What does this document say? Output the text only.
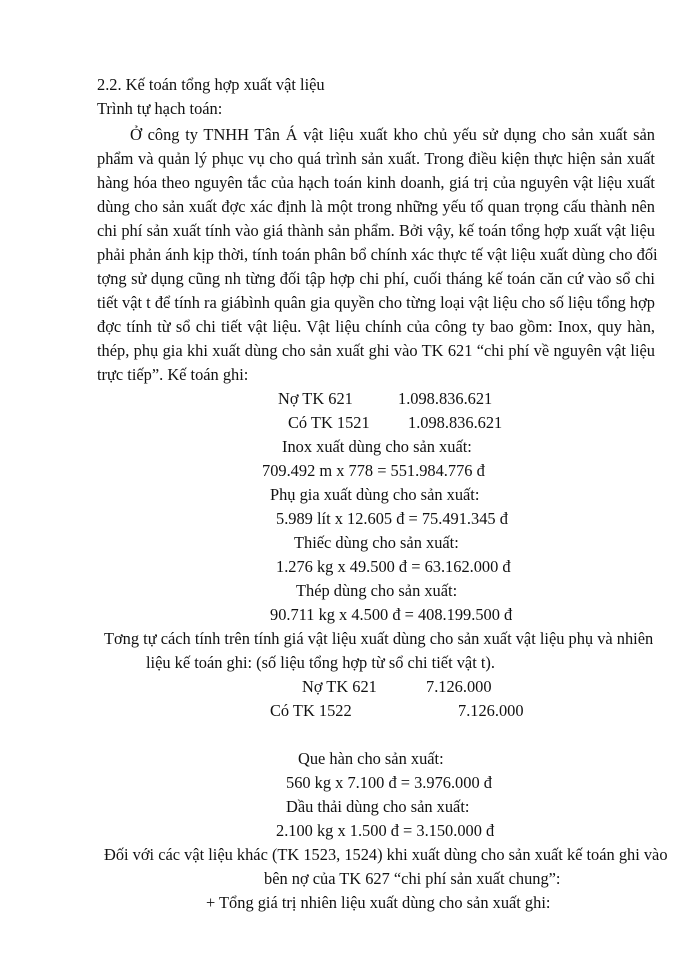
2.2. Kế toán tổng hợp xuất vật liệu
Trình tự hạch toán:
Ở công ty TNHH Tân Á vật liệu xuất kho chủ yếu sử dụng cho sản xuất sản
phẩm và quản lý phục vụ cho quá trình sản xuất. Trong điều kiện thực hiện sản xuất
hàng hóa theo nguyên tắc của hạch toán kinh doanh, giá trị của nguyên vật liệu xuất
dùng cho sản xuất đợc xác định là một trong những yếu tố quan trọng cấu thành nên
chi phí sản xuất tính vào giá thành sản phẩm. Bởi vậy, kế toán tổng hợp xuất vật liệu
phải phản ánh kịp thời, tính toán phân bổ chính xác thực tế vật liệu xuất dùng cho đối
tợng sử dụng cũng nh từng đối tập hợp chi phí, cuối tháng kế toán căn cứ vào sổ chi
tiết vật t để tính ra giábình quân gia quyền cho từng loại vật liệu cho số liệu tổng hợp
đợc tính từ sổ chi tiết vật liệu. Vật liệu chính của công ty bao gồm: Inox, quy hàn,
thép, phụ gia khi xuất dùng cho sản xuất ghi vào TK 621 “chi phí về nguyên vật liệu
trực tiếp”. Kế toán ghi:
Nợ TK 621	1.098.836.621
Có TK 1521 1.098.836.621
Inox xuất dùng cho sản xuất:
709.492 m x 778 = 551.984.776 đ
Phụ gia xuất dùng cho sản xuất:
5.989 lít x 12.605 đ = 75.491.345 đ
Thiếc dùng cho sản xuất:
1.276 kg x 49.500 đ = 63.162.000 đ
Thép dùng cho sản xuất:
90.711 kg x 4.500 đ = 408.199.500 đ
Tơng tự cách tính trên tính giá vật liệu xuất dùng cho sản xuất vật liệu phụ và nhiên
liệu kế toán ghi: (số liệu tổng hợp từ sổ chi tiết vật t).
Nợ TK 621	7.126.000
Có TK 1522	7.126.000
Que hàn cho sản xuất:
560 kg x 7.100 đ = 3.976.000 đ
Dầu thải dùng cho sản xuất:
2.100 kg x 1.500 đ = 3.150.000 đ
Đối với các vật liệu khác (TK 1523, 1524) khi xuất dùng cho sản xuất kế toán ghi vào
bên nợ của TK 627 “chi phí sản xuất chung”:
+ Tổng giá trị nhiên liệu xuất dùng cho sản xuất ghi:
